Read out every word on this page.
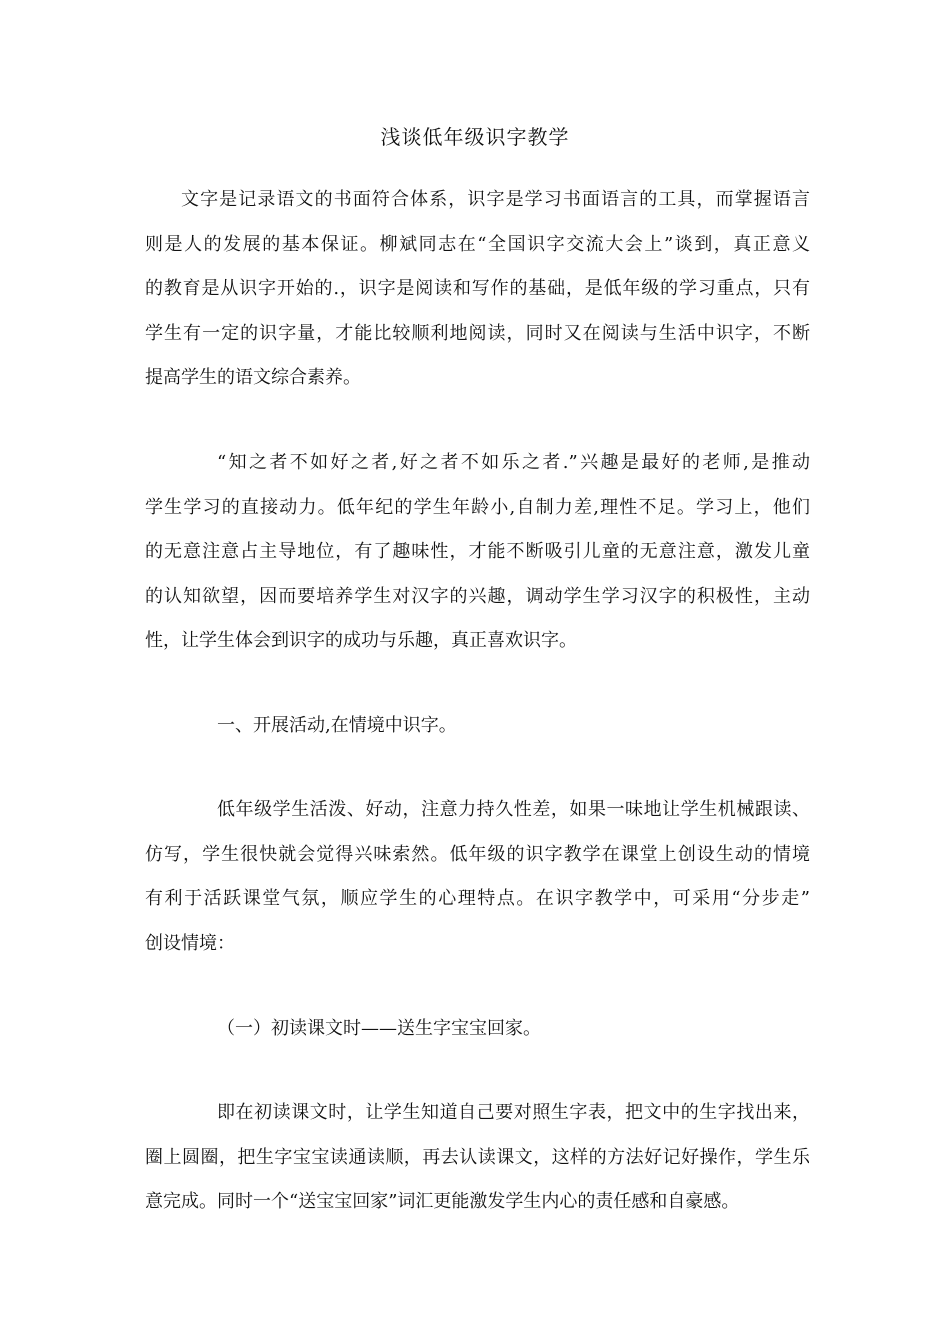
浅谈低年级识字教学
文字是记录语文的书面符合体系，识字是学习书面语言的工具，而掌握语言
则是人的发展的基本保证。柳斌同志在“全国识字交流大会上”谈到，真正意义
的教育是从识字开始的.，识字是阅读和写作的基础，是低年级的学习重点，只有
学生有一定的识字量，才能比较顺利地阅读，同时又在阅读与生活中识字，不断
提高学生的语文综合素养。
“知之者不如好之者,好之者不如乐之者.”兴趣是最好的老师,是推动
学生学习的直接动力。低年纪的学生年龄小,自制力差,理性不足。学习上，他们
的无意注意占主导地位，有了趣味性，才能不断吸引儿童的无意注意，激发儿童
的认知欲望，因而要培养学生对汉字的兴趣，调动学生学习汉字的积极性，主动
性，让学生体会到识字的成功与乐趣，真正喜欢识字。
一、开展活动,在情境中识字。
低年级学生活泼、好动，注意力持久性差，如果一味地让学生机械跟读、
仿写，学生很快就会觉得兴味索然。低年级的识字教学在课堂上创设生动的情境
有利于活跃课堂气氛，顺应学生的心理特点。在识字教学中，可采用“分步走”
创设情境：
（一）初读课文时——送生字宝宝回家。
即在初读课文时，让学生知道自己要对照生字表，把文中的生字找出来，
圈上圆圈，把生字宝宝读通读顺，再去认读课文，这样的方法好记好操作，学生乐
意完成。同时一个“送宝宝回家”词汇更能激发学生内心的责任感和自豪感。
